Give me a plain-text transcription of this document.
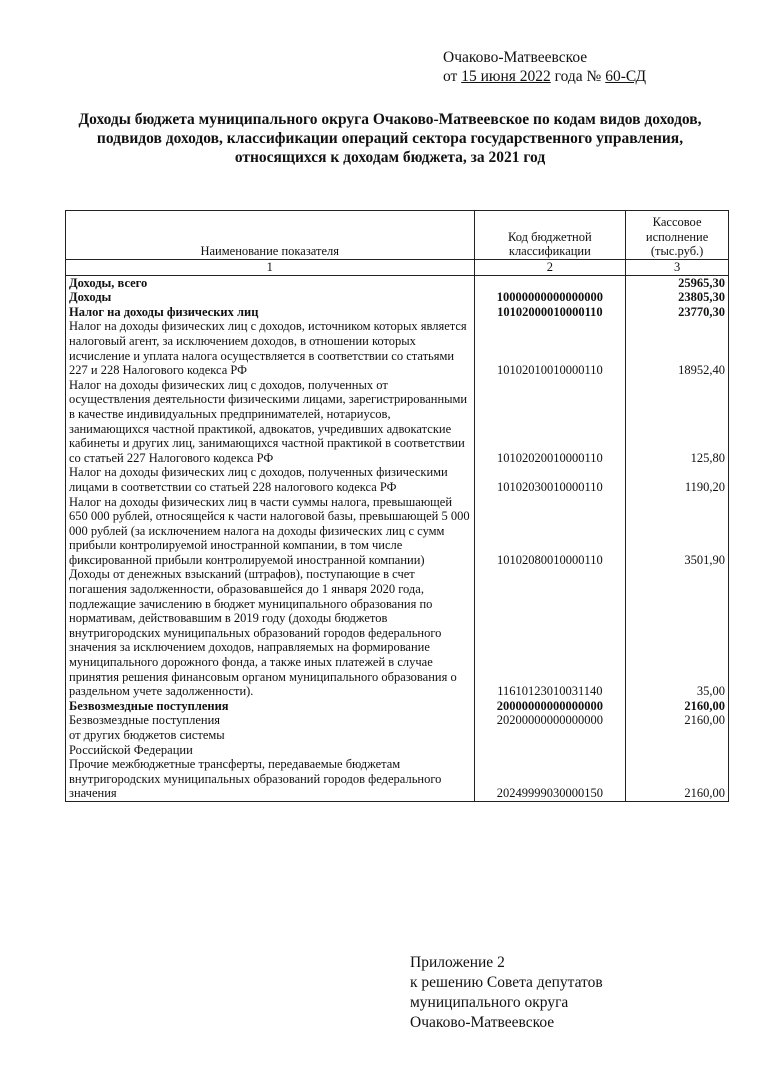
Очаково-Матвеевское
от 15 июня 2022 года № 60-СД
Доходы бюджета муниципального округа Очаково-Матвеевское по кодам видов доходов, подвидов доходов, классификации операций сектора государственного управления, относящихся к доходам бюджета, за 2021 год
Наименование показателя	Код бюджетной классификации	Кассовое исполнение (тыс.руб.)

1	2	3
Доходы, всего		25965,30
Доходы	10000000000000000	23805,30
Налог на доходы физических лиц	10102000010000110	23770,30
Налог на доходы физических лиц с доходов, источником которых является налоговый агент, за исключением доходов, в отношении которых исчисление и уплата налога осуществляется в соответствии со статьями 227 и 228 Налогового кодекса РФ	10102010010000110	18952,40
Налог на доходы физических лиц с доходов, полученных от осуществления деятельности физическими лицами, зарегистрированными в качестве индивидуальных предпринимателей, нотариусов, занимающихся частной практикой, адвокатов, учредивших адвокатские кабинеты и других лиц, занимающихся частной практикой в соответствии со статьей 227 Налогового кодекса РФ	10102020010000110	125,80
Налог на доходы физических лиц с доходов, полученных физическими лицами в соответствии со статьей 228 налогового кодекса РФ	10102030010000110	1190,20
Налог на доходы физических лиц в части суммы налога, превышающей 650 000 рублей, относящейся к части налоговой базы, превышающей 5 000 000 рублей (за исключением налога на доходы физических лиц с сумм прибыли контролируемой иностранной компании, в том числе фиксированной прибыли контролируемой иностранной компании)	10102080010000110	3501,90
Доходы от денежных взысканий (штрафов), поступающие в счет погашения задолженности, образовавшейся до 1 января 2020 года, подлежащие зачислению в бюджет муниципального образования по нормативам, действовавшим в 2019 году (доходы бюджетов внутригородских муниципальных образований городов федерального значения за исключением доходов, направляемых на формирование муниципального дорожного фонда, а также иных платежей в случае принятия решения финансовым органом муниципального образования о раздельном учете задолженности).	11610123010031140	35,00
Безвозмездные поступления	20000000000000000	2160,00
Безвозмездные поступления
от других бюджетов системы
Российской Федерации	20200000000000000	2160,00
Прочие межбюджетные трансферты, передаваемые бюджетам внутригородских муниципальных образований городов федерального значения	20249999030000150	2160,00
Приложение 2
к решению Совета депутатов
муниципального округа
Очаково-Матвеевское
